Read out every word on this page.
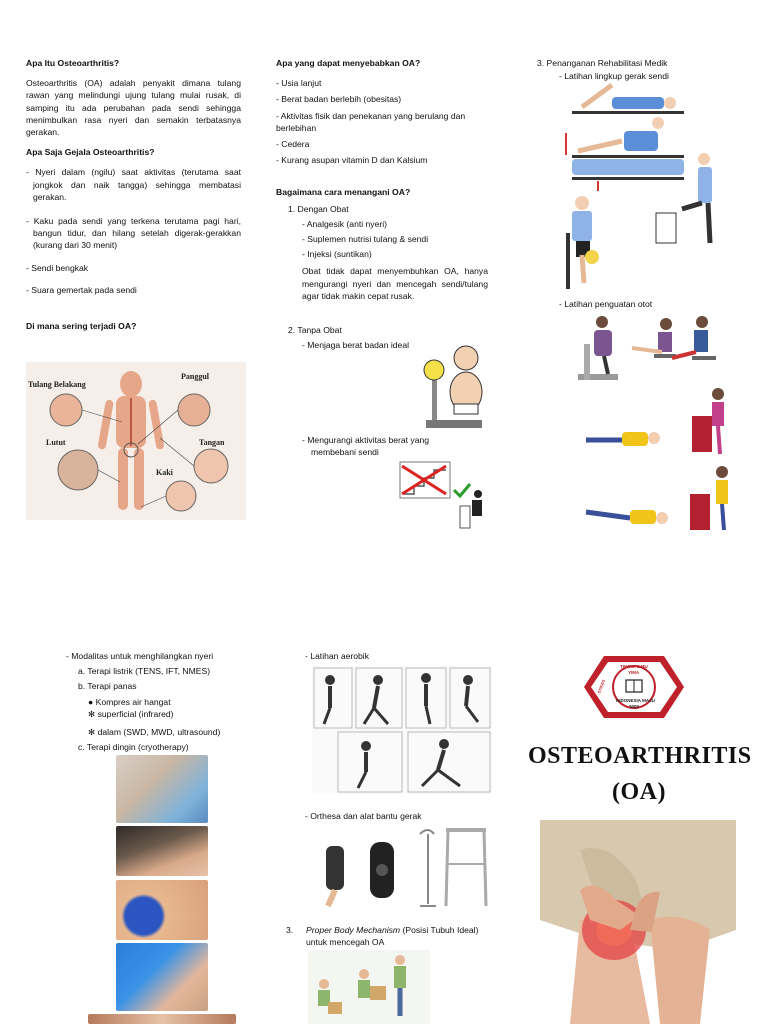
Apa Itu Osteoarthritis?

Osteoarthritis (OA) adalah penyakit dimana tulang rawan yang melindungi ujung tulang mulai rusak, di samping itu ada perubahan pada sendi sehingga menimbulkan rasa nyeri dan semakin terbatasnya gerakan.

Apa Saja Gejala Osteoarthritis?
- Nyeri dalam (ngilu) saat aktivitas (terutama saat jongkok dan naik tangga) sehingga membatasi gerakan.
- Kaku pada sendi yang terkena terutama pagi hari, bangun tidur, dan hilang setelah digerak-gerakkan (kurang dari 30 menit)
- Sendi bengkak
- Suara gemertak pada sendi
Di mana sering terjadi OA?
Tulang Belakang
Panggul
Lutut	Tangan
Kaki
Apa yang dapat menyebabkan OA?
- Usia lanjut
- Berat badan berlebih (obesitas)
- Aktivitas fisik dan penekanan yang berulang dan berlebihan
- Cedera
- Kurang asupan vitamin D dan Kalsium
Bagaimana cara menangani OA?
1. Dengan Obat
- Analgesik (anti nyeri)
- Suplemen nutrisi tulang & sendi
- Injeksi (suntikan)

Obat tidak dapat menyembuhkan OA, hanya mengurangi nyeri dan mencegah sendi/tulang agar tidak makin cepat rusak.

2. Tanpa Obat
- Menjaga berat badan ideal
- Mengurangi aktivitas berat yang membebani sendi
3. Penanganan Rehabilitasi Medik
- Latihan lingkup gerak sendi
- Latihan penguatan otot
- Modalitas untuk menghilangkan nyeri
a. Terapi listrik (TENS, IFT, NMES)
b. Terapi panas
● Kompres air hangat
✻ superficial (infrared)
✻ dalam (SWD, MWD, ultrasound)
c. Terapi dingin (cryotherapy)
- Latihan aerobik
- Orthesa dan alat bantu gerak
3.	Proper Body Mechanism (Posisi Tubuh Ideal) untuk mencegah OA
TINGGI ILMU
YIMA
STIKES
INDONESIA MAJU
2000
OSTEOARTHRITIS
(OA)
